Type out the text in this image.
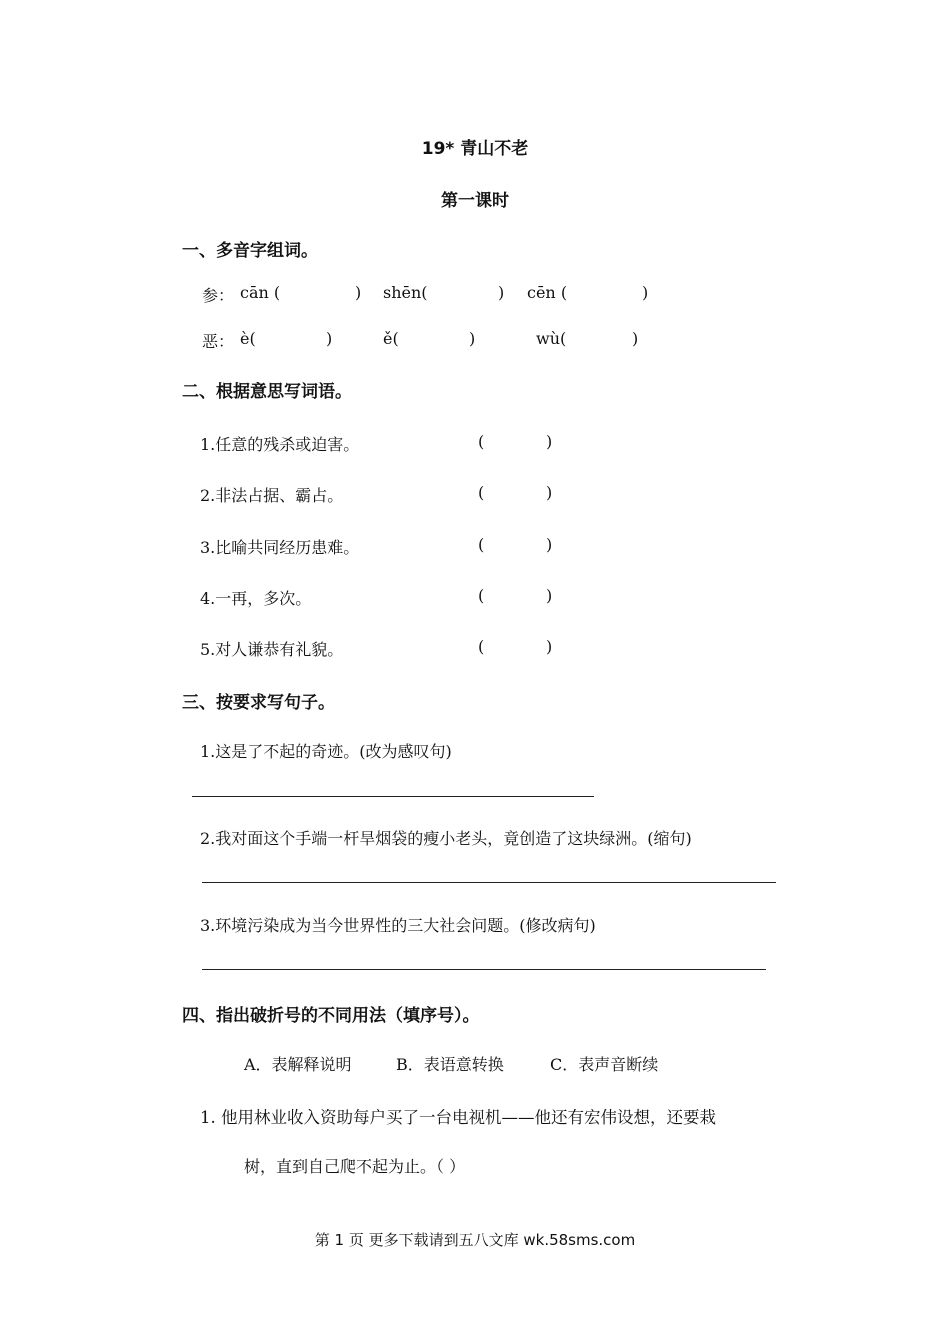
19* 青山不老
第一课时
一、多音字组词。
参： cān (	) shēn(	) cēn (	)
恶： è(	)	ě(	)	wù(	)
二、根据意思写词语。
1.任意的残杀或迫害。	(	)
2.非法占据、霸占。	(	)
3.比喻共同经历患难。	(	)
4.一再，多次。	(	)
5.对人谦恭有礼貌。	(	)
三、按要求写句子。
1.这是了不起的奇迹。(改为感叹句)
2.我对面这个手端一杆旱烟袋的瘦小老头，竟创造了这块绿洲。(缩句)
3.环境污染成为当今世界性的三大社会问题。(修改病句)
四、指出破折号的不同用法（填序号）。
A．表解释说明	B．表语意转换	C．表声音断续
1. 他用林业收入资助每户买了一台电视机——他还有宏伟设想，还要栽
树，直到自己爬不起为止。（ ）
第 1 页 更多下载请到五八文库 wk.58sms.com
